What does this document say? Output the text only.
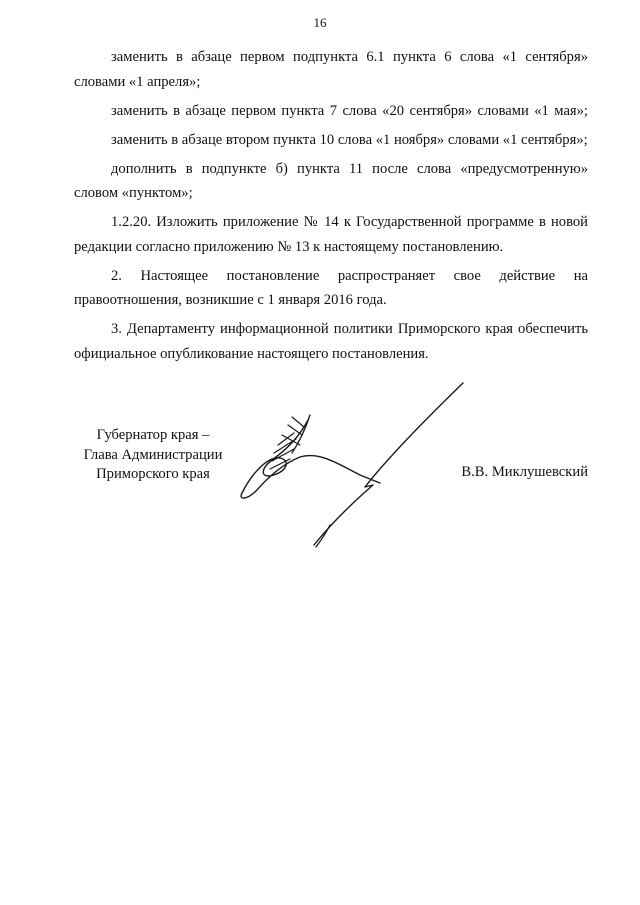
16

заменить в абзаце первом подпункта 6.1 пункта 6 слова «1 сентября» словами «1 апреля»;

заменить в абзаце первом пункта 7 слова «20 сентября» словами «1 мая»;

заменить в абзаце втором пункта 10 слова «1 ноября» словами «1 сентября»;

дополнить в подпункте б) пункта 11 после слова «предусмотренную» словом «пунктом»;

1.2.20. Изложить приложение № 14 к Государственной программе в новой редакции согласно приложению № 13 к настоящему постановлению.

2. Настоящее постановление распространяет свое действие на правоотношения, возникшие с 1 января 2016 года.

3. Департаменту информационной политики Приморского края обеспечить официальное опубликование настоящего постановления.

Губернатор края –
Глава Администрации
Приморского края	В.В. Миклушевский
